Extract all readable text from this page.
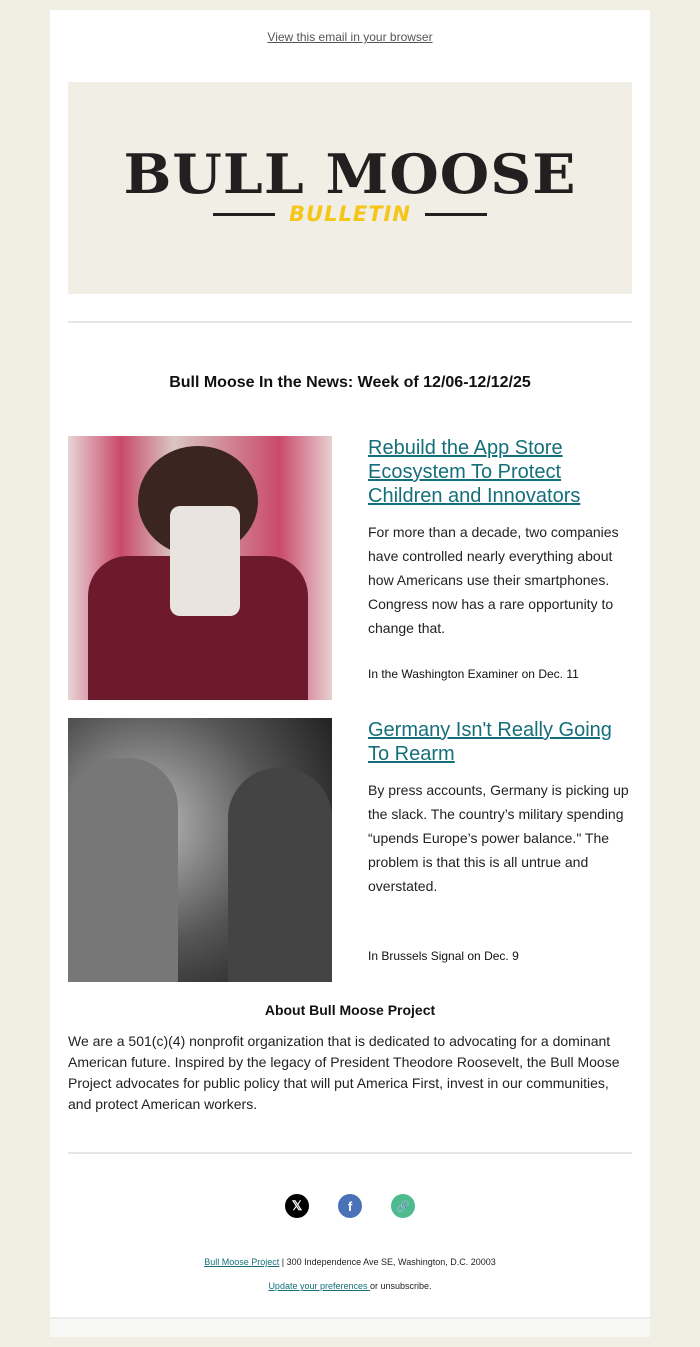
View this email in your browser
BULL MOOSE
BULLETIN
Bull Moose In the News: Week of 12/06-12/12/25
Rebuild the App Store Ecosystem To Protect Children and Innovators

For more than a decade, two companies have controlled nearly everything about how Americans use their smartphones. Congress now has a rare opportunity to change that.

In the Washington Examiner on Dec. 11
Germany Isn't Really Going To Rearm

By press accounts, Germany is picking up the slack. The country’s military spending “upends Europe’s power balance." The problem is that this is all untrue and overstated.

In Brussels Signal on Dec. 9
About Bull Moose Project
We are a 501(c)(4) nonprofit organization that is dedicated to advocating for a dominant American future. Inspired by the legacy of President Theodore Roosevelt, the Bull Moose Project advocates for public policy that will put America First, invest in our communities, and protect American workers.
𝕏	f	🔗
Bull Moose Project | 300 Independence Ave SE, Washington, D.C. 20003
Update your preferences or unsubscribe.
